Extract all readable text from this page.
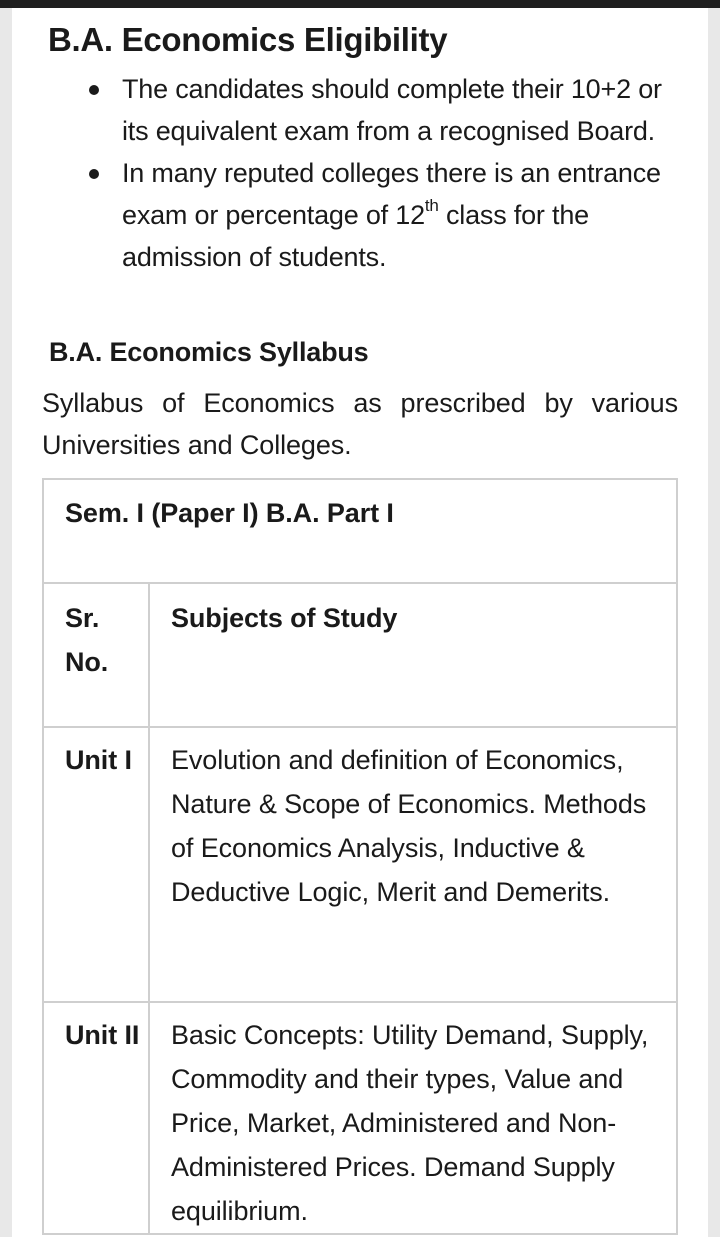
B.A. Economics Eligibility
The candidates should complete their 10+2 or its equivalent exam from a recognised Board.
In many reputed colleges there is an entrance exam or percentage of 12th class for the admission of students.
B.A. Economics Syllabus

Syllabus of Economics as prescribed by various Universities and Colleges.

Sem. I (Paper I) B.A. Part I	
Sr. No.	Subjects of Study
Unit I	Evolution and definition of Economics, Nature & Scope of Economics. Methods of Economics Analysis, Inductive & Deductive Logic, Merit and Demerits.
Unit II	Basic Concepts: Utility Demand, Supply, Commodity and their types, Value and Price, Market, Administered and Non-Administered Prices. Demand Supply equilibrium.
